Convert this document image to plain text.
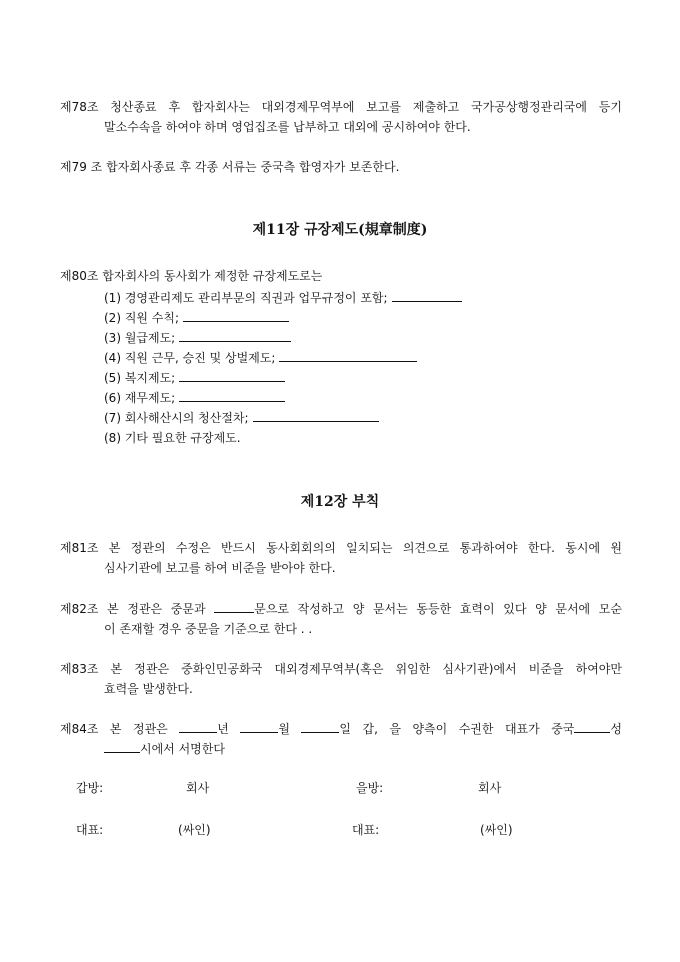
제78조 청산종료 후 합자회사는 대외경제무역부에 보고를 제출하고 국가공상행정관리국에 등기
말소수속을 하여야 하며 영업집조를 납부하고 대외에 공시하여야 한다.
제79 조 합자회사종료 후 각종 서류는 중국측 합영자가 보존한다.
제11장 규장제도(規章制度)
제80조 합자회사의 동사회가 제정한 규장제도로는
(1) 경영관리제도 관리부문의 직권과 업무규정이 포함;
(2) 직원 수칙;
(3) 월급제도;
(4) 직원 근무, 승진 및 상벌제도;
(5) 복지제도;
(6) 재무제도;
(7) 회사해산시의 청산절차;
(8) 기타 필요한 규장제도.
제12장 부칙
제81조 본 정관의 수정은 반드시 동사회회의의 일치되는 의견으로 통과하여야 한다. 동시에 원
심사기관에 보고를 하여 비준을 받아야 한다.
제82조 본 정관은 중문과	문으로 작성하고 양 문서는 동등한 효력이 있다 양 문서에 모순
이 존재할 경우 중문을 기준으로 한다 . .
제83조 본 정관은 중화인민공화국 대외경제무역부(혹은 위임한 심사기관)에서 비준을 하여야만
효력을 발생한다.
제84조 본 정관은	년	월	일 갑, 을 양측이 수권한 대표가 중국	성
시에서 서명한다
갑방:	회사	을방:	회사
대표:	(싸인)	대표:	(싸인)
